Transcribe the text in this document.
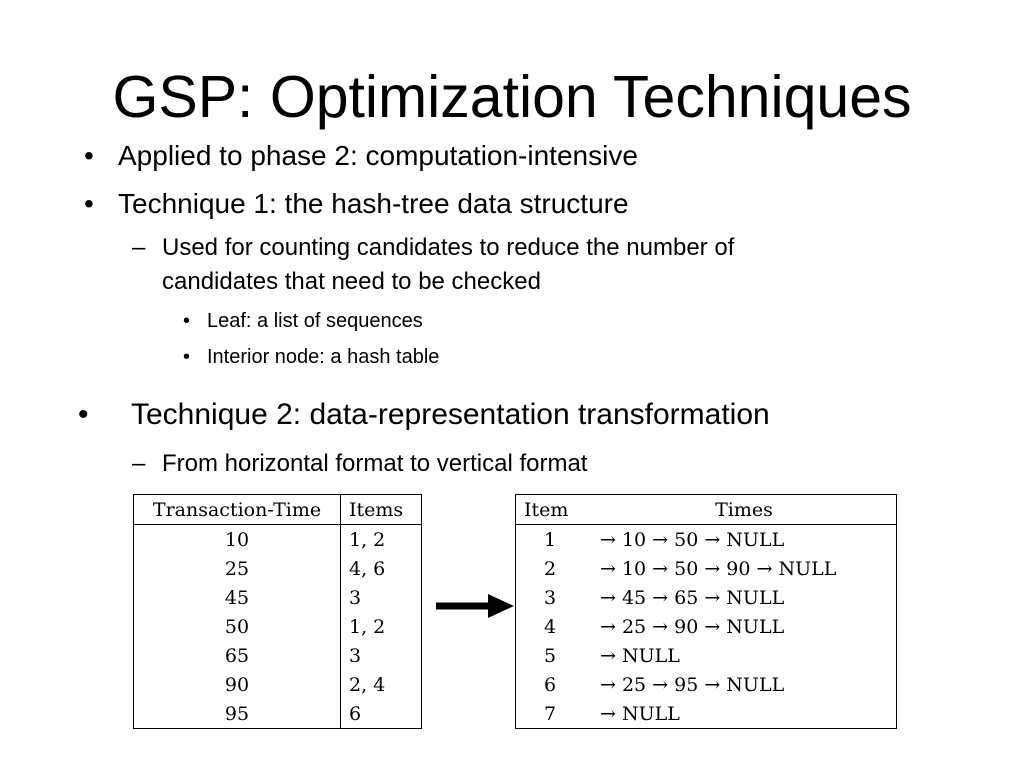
GSP: Optimization Techniques
• Applied to phase 2: computation-intensive
• Technique 1: the hash-tree data structure
– Used for counting candidates to reduce the number of
candidates that need to be checked
• Leaf: a list of sequences
• Interior node: a hash table
• Technique 2: data-representation transformation
– From horizontal format to vertical format
Transaction-Time	Items
10	1, 2
25	4, 6
45	3
50	1, 2
65	3
90	2, 4
95	6
Item	Times
1	→ 10 → 50 → NULL
2	→ 10 → 50 → 90 → NULL
3	→ 45 → 65 → NULL
4	→ 25 → 90 → NULL
5	→ NULL
6	→ 25 → 95 → NULL
7	→ NULL
